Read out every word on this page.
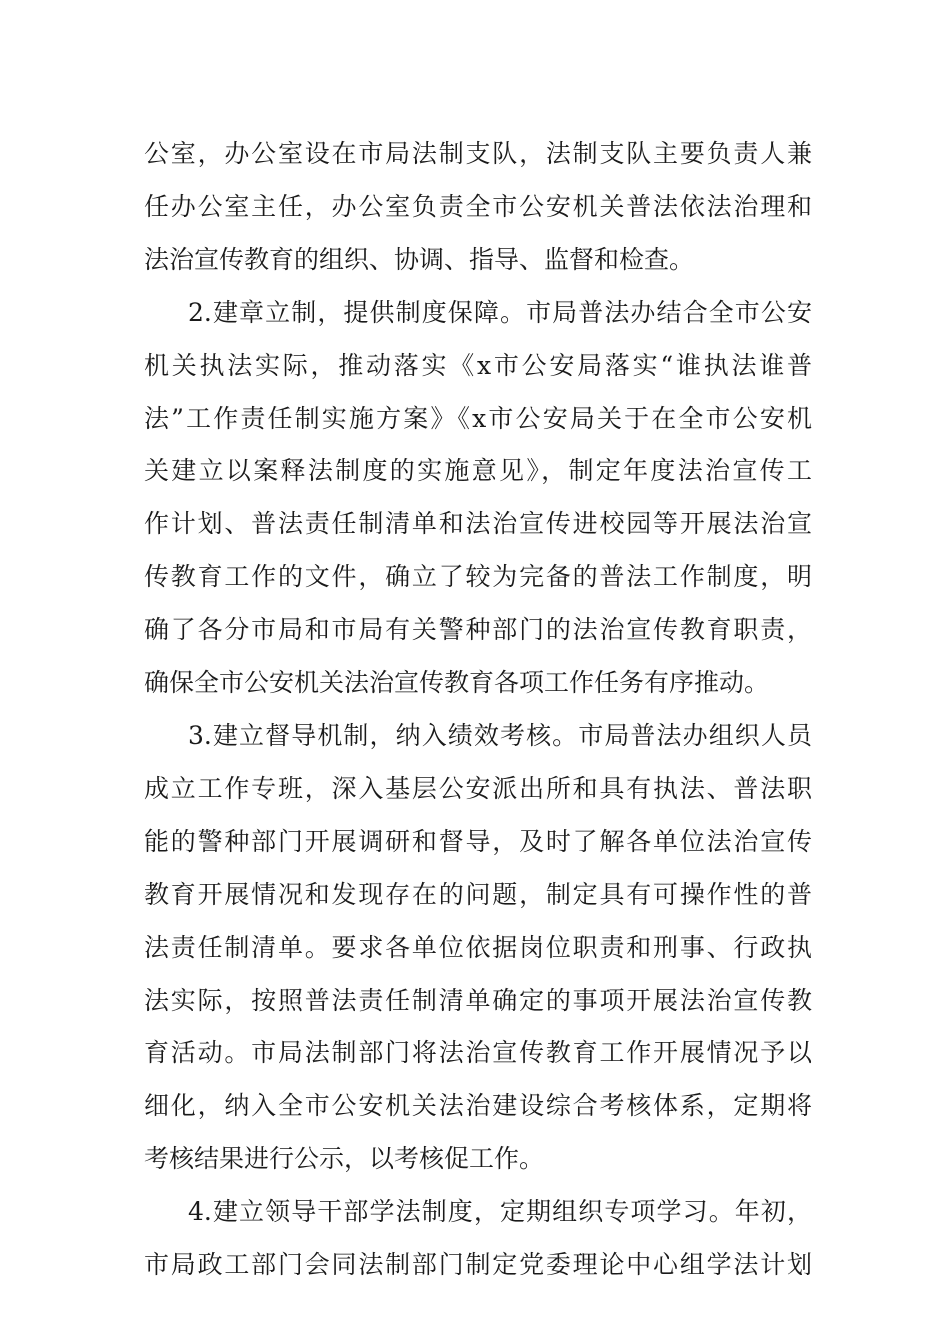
公室，办公室设在市局法制支队，法制支队主要负责人兼
任办公室主任，办公室负责全市公安机关普法依法治理和
法治宣传教育的组织、协调、指导、监督和检查。

2.建章立制，提供制度保障。市局普法办结合全市公安
机关执法实际，推动落实《x市公安局落实“谁执法谁普
法”工作责任制实施方案》《x市公安局关于在全市公安机
关建立以案释法制度的实施意见》，制定年度法治宣传工
作计划、普法责任制清单和法治宣传进校园等开展法治宣
传教育工作的文件，确立了较为完备的普法工作制度，明
确了各分市局和市局有关警种部门的法治宣传教育职责，
确保全市公安机关法治宣传教育各项工作任务有序推动。

3.建立督导机制，纳入绩效考核。市局普法办组织人员
成立工作专班，深入基层公安派出所和具有执法、普法职
能的警种部门开展调研和督导，及时了解各单位法治宣传
教育开展情况和发现存在的问题，制定具有可操作性的普
法责任制清单。要求各单位依据岗位职责和刑事、行政执
法实际，按照普法责任制清单确定的事项开展法治宣传教
育活动。市局法制部门将法治宣传教育工作开展情况予以
细化，纳入全市公安机关法治建设综合考核体系，定期将
考核结果进行公示，以考核促工作。

4.建立领导干部学法制度，定期组织专项学习。年初，
市局政工部门会同法制部门制定党委理论中心组学法计划
